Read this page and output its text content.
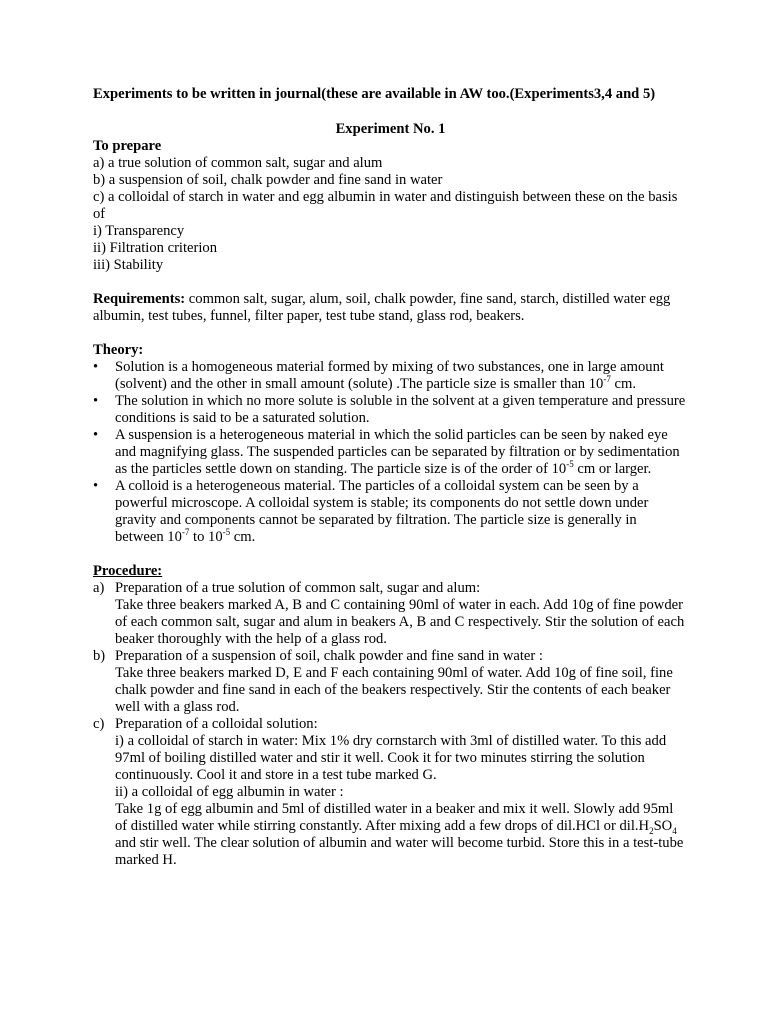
Experiments to be written in journal(these are available in AW too.(Experiments3,4 and 5)

Experiment No. 1

To prepare

a) a true solution of common salt, sugar and alum

b) a suspension of soil, chalk powder and fine sand in water

c) a colloidal of starch in water and egg albumin in water and distinguish between these on the basis of

i) Transparency

ii) Filtration criterion

iii) Stability

Requirements: common salt, sugar, alum, soil, chalk powder, fine sand, starch, distilled water egg albumin, test tubes, funnel, filter paper, test tube stand, glass rod, beakers.

Theory:

• Solution is a homogeneous material formed by mixing of two substances, one in large amount (solvent) and the other in small amount (solute) .The particle size is smaller than $10^{-7}$ cm.
• The solution in which no more solute is soluble in the solvent at a given temperature and pressure conditions is said to be a saturated solution.
• A suspension is a heterogeneous material in which the solid particles can be seen by naked eye and magnifying glass. The suspended particles can be separated by filtration or by sedimentation as the particles settle down on standing. The particle size is of the order of $10^{-5}$ cm or larger.
• A colloid is a heterogeneous material. The particles of a colloidal system can be seen by a powerful microscope. A colloidal system is stable; its components do not settle down under gravity and components cannot be separated by filtration. The particle size is generally in between $10^{-7}$ to $10^{-5}$ cm.

Procedure:

a) Preparation of a true solution of common salt, sugar and alum:

Take three beakers marked A, B and C containing 90ml of water in each. Add 10g of fine powder of each common salt, sugar and alum in beakers A, B and C respectively. Stir the solution of each beaker thoroughly with the help of a glass rod.

b) Preparation of a suspension of soil, chalk powder and fine sand in water :

Take three beakers marked D, E and F each containing 90ml of water. Add 10g of fine soil, fine chalk powder and fine sand in each of the beakers respectively. Stir the contents of each beaker well with a glass rod.

c) Preparation of a colloidal solution:

i) a colloidal of starch in water: Mix 1% dry cornstarch with 3ml of distilled water. To this add 97ml of boiling distilled water and stir it well. Cook it for two minutes stirring the solution continuously. Cool it and store in a test tube marked G.

ii) a colloidal of egg albumin in water :

Take 1g of egg albumin and 5ml of distilled water in a beaker and mix it well. Slowly add 95ml of distilled water while stirring constantly. After mixing add a few drops of dil.HCl or $dil.H_2SO_4$ and stir well. The clear solution of albumin and water will become turbid. Store this in a test-tube marked H.
